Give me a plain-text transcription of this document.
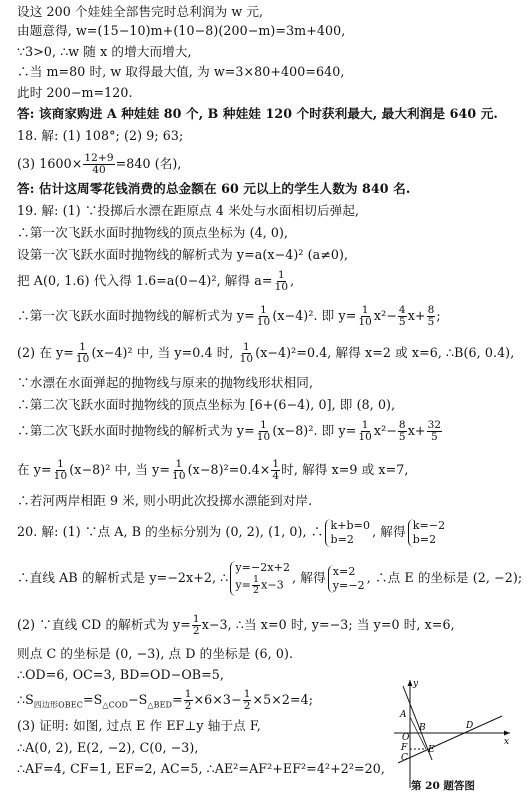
设这 200 个娃娃全部售完时总利润为 w 元,
由题意得, w=(15−10)m+(10−8)(200−m)=3m+400,
∵3>0, ∴w 随 x 的增大而增大,
∴当 m=80 时, w 取得最大值, 为 w=3×80+400=640,
此时 200−m=120.
答: 该商家购进 A 种娃娃 80 个, B 种娃娃 120 个时获利最大, 最大利润是 640 元.
18. 解: (1) 108°; (2) 9; 63;
(3) $1600\times \frac{12+9}{40} =840$ (名),
答: 估计这周零花钱消费的总金额在 60 元以上的学生人数为 840 名.
19. 解: (1) ∵投掷后水漂在距原点 4 米处与水面相切后弹起,
∴第一次飞跃水面时抛物线的顶点坐标为 (4, 0),
设第一次飞跃水面时抛物线的解析式为 y=a(x−4)² (a≠0),
把 A(0, 1.6) 代入得 1.6=a(0−4)², 解得 $a= \frac{1}{10}$ ,
∴第一次飞跃水面时抛物线的解析式为 $y= \frac{1}{10} (x-4)^2$. 即 $y= \frac{1}{10} x^2- \frac{4}{5} x+ \frac{8}{5}$ ;
(2) 在 $y= \frac{1}{10} (x-4)^2$ 中, 当 y=0.4 时, $\frac{1}{10} (x-4)^2=0.4$, 解得 x=2 或 x=6, ∴B(6, 0.4),
∵水漂在水面弹起的抛物线与原来的抛物线形状相同,
∴第二次飞跃水面时抛物线的顶点坐标为 [6+(6−4), 0], 即 (8, 0),
∴第二次飞跃水面时抛物线的解析式为 $y= \frac{1}{10} (x-8)^2$. 即 $y= \frac{1}{10} x^2- \frac{8}{5} x+ \frac{32}{5}$
在 $y= \frac{1}{10} (x-8)^2$ 中, 当 $y= \frac{1}{10} (x-8)^2=0.4\times \frac{1}{4}$ 时, 解得 x=9 或 x=7,
∴若河两岸相距 9 米, 则小明此次投掷水漂能到对岸.
20. 解: (1) ∵点 A, B 的坐标分别为 (0, 2), (1, 0), ∴ k+b=0
b=2	, 解得 k=−2
b=2
∴直线 AB 的解析式是 y=−2x+2, ∴
y=−2x+2
$y= \frac{1}{2} x-3$ , 解得 x=2
y=−2 , ∴点 E 的坐标是 (2, −2);
(2) ∵直线 CD 的解析式为 $y= \frac{1}{2} x-3$, ∴当 x=0 时, y=−3; 当 y=0 时, x=6,
则点 C 的坐标是 (0, −3), 点 D 的坐标是 (6, 0).
∴OD=6, OC=3, BD=OD−OB=5,
$\therefore S_{四边形OBEC}=S_{\triangle COD}-S_{\triangle BED}= \frac{1}{2} \times 6\times 3- \frac{1}{2} \times 5\times 2=4$;
(3) 证明: 如图, 过点 E 作 EF⊥y 轴于点 F,
∴A(0, 2), E(2, −2), C(0, −3),
∴AF=4, CF=1, EF=2, AC=5, ∴AE²=AF²+EF²=4²+2²=20,
y
x
A
B	D
O
F
C
E
第 20 题答图
